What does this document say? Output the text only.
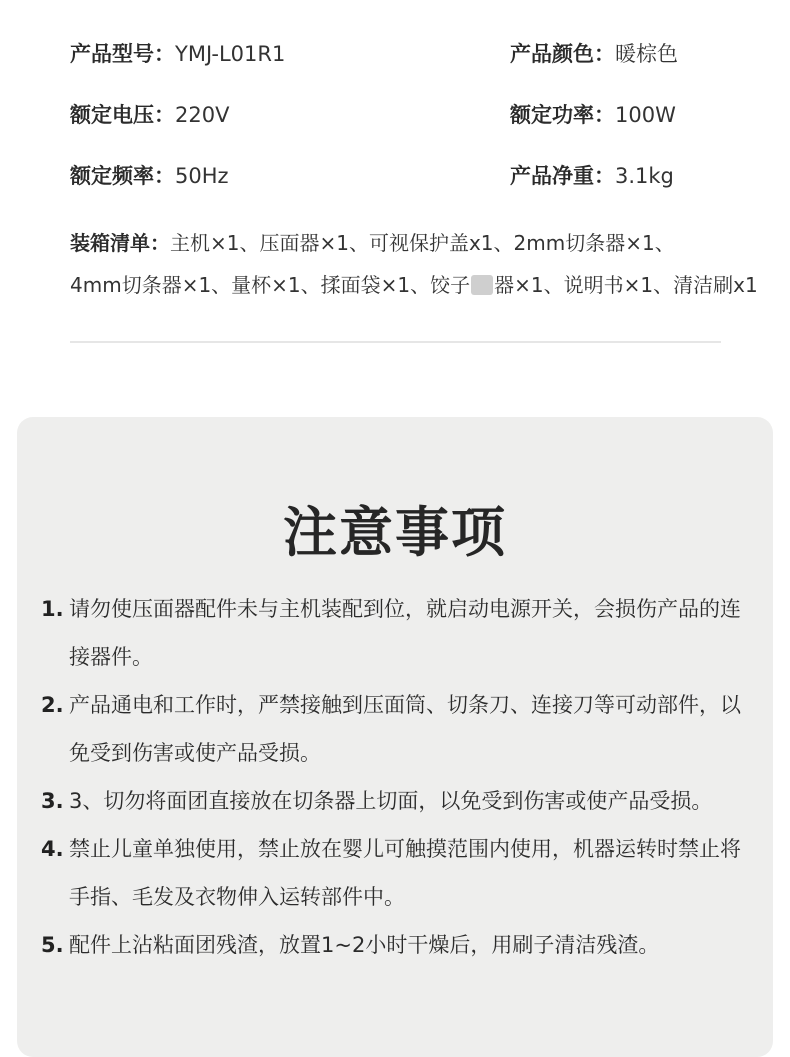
产品型号：YMJ-L01R1	产品颜色：暖棕色
额定电压：220V	额定功率：100W
额定频率：50Hz	产品净重：3.1kg
装箱清单：主机×1、压面器×1、可视保护盖x1、2mm切条器×1、
4mm切条器×1、量杯×1、揉面袋×1、饺子 器×1、说明书×1、清洁刷x1
注意事项
1. 请勿使压面器配件未与主机装配到位，就启动电源开关，会损伤产品的连接器件。
2. 产品通电和工作时，严禁接触到压面筒、切条刀、连接刀等可动部件，以免受到伤害或使产品受损。
3. 3、切勿将面团直接放在切条器上切面，以免受到伤害或使产品受损。
4. 禁止儿童单独使用，禁止放在婴儿可触摸范围内使用，机器运转时禁止将手指、毛发及衣物伸入运转部件中。
5. 配件上沾粘面团残渣，放置1~2小时干燥后，用刷子清洁残渣。
